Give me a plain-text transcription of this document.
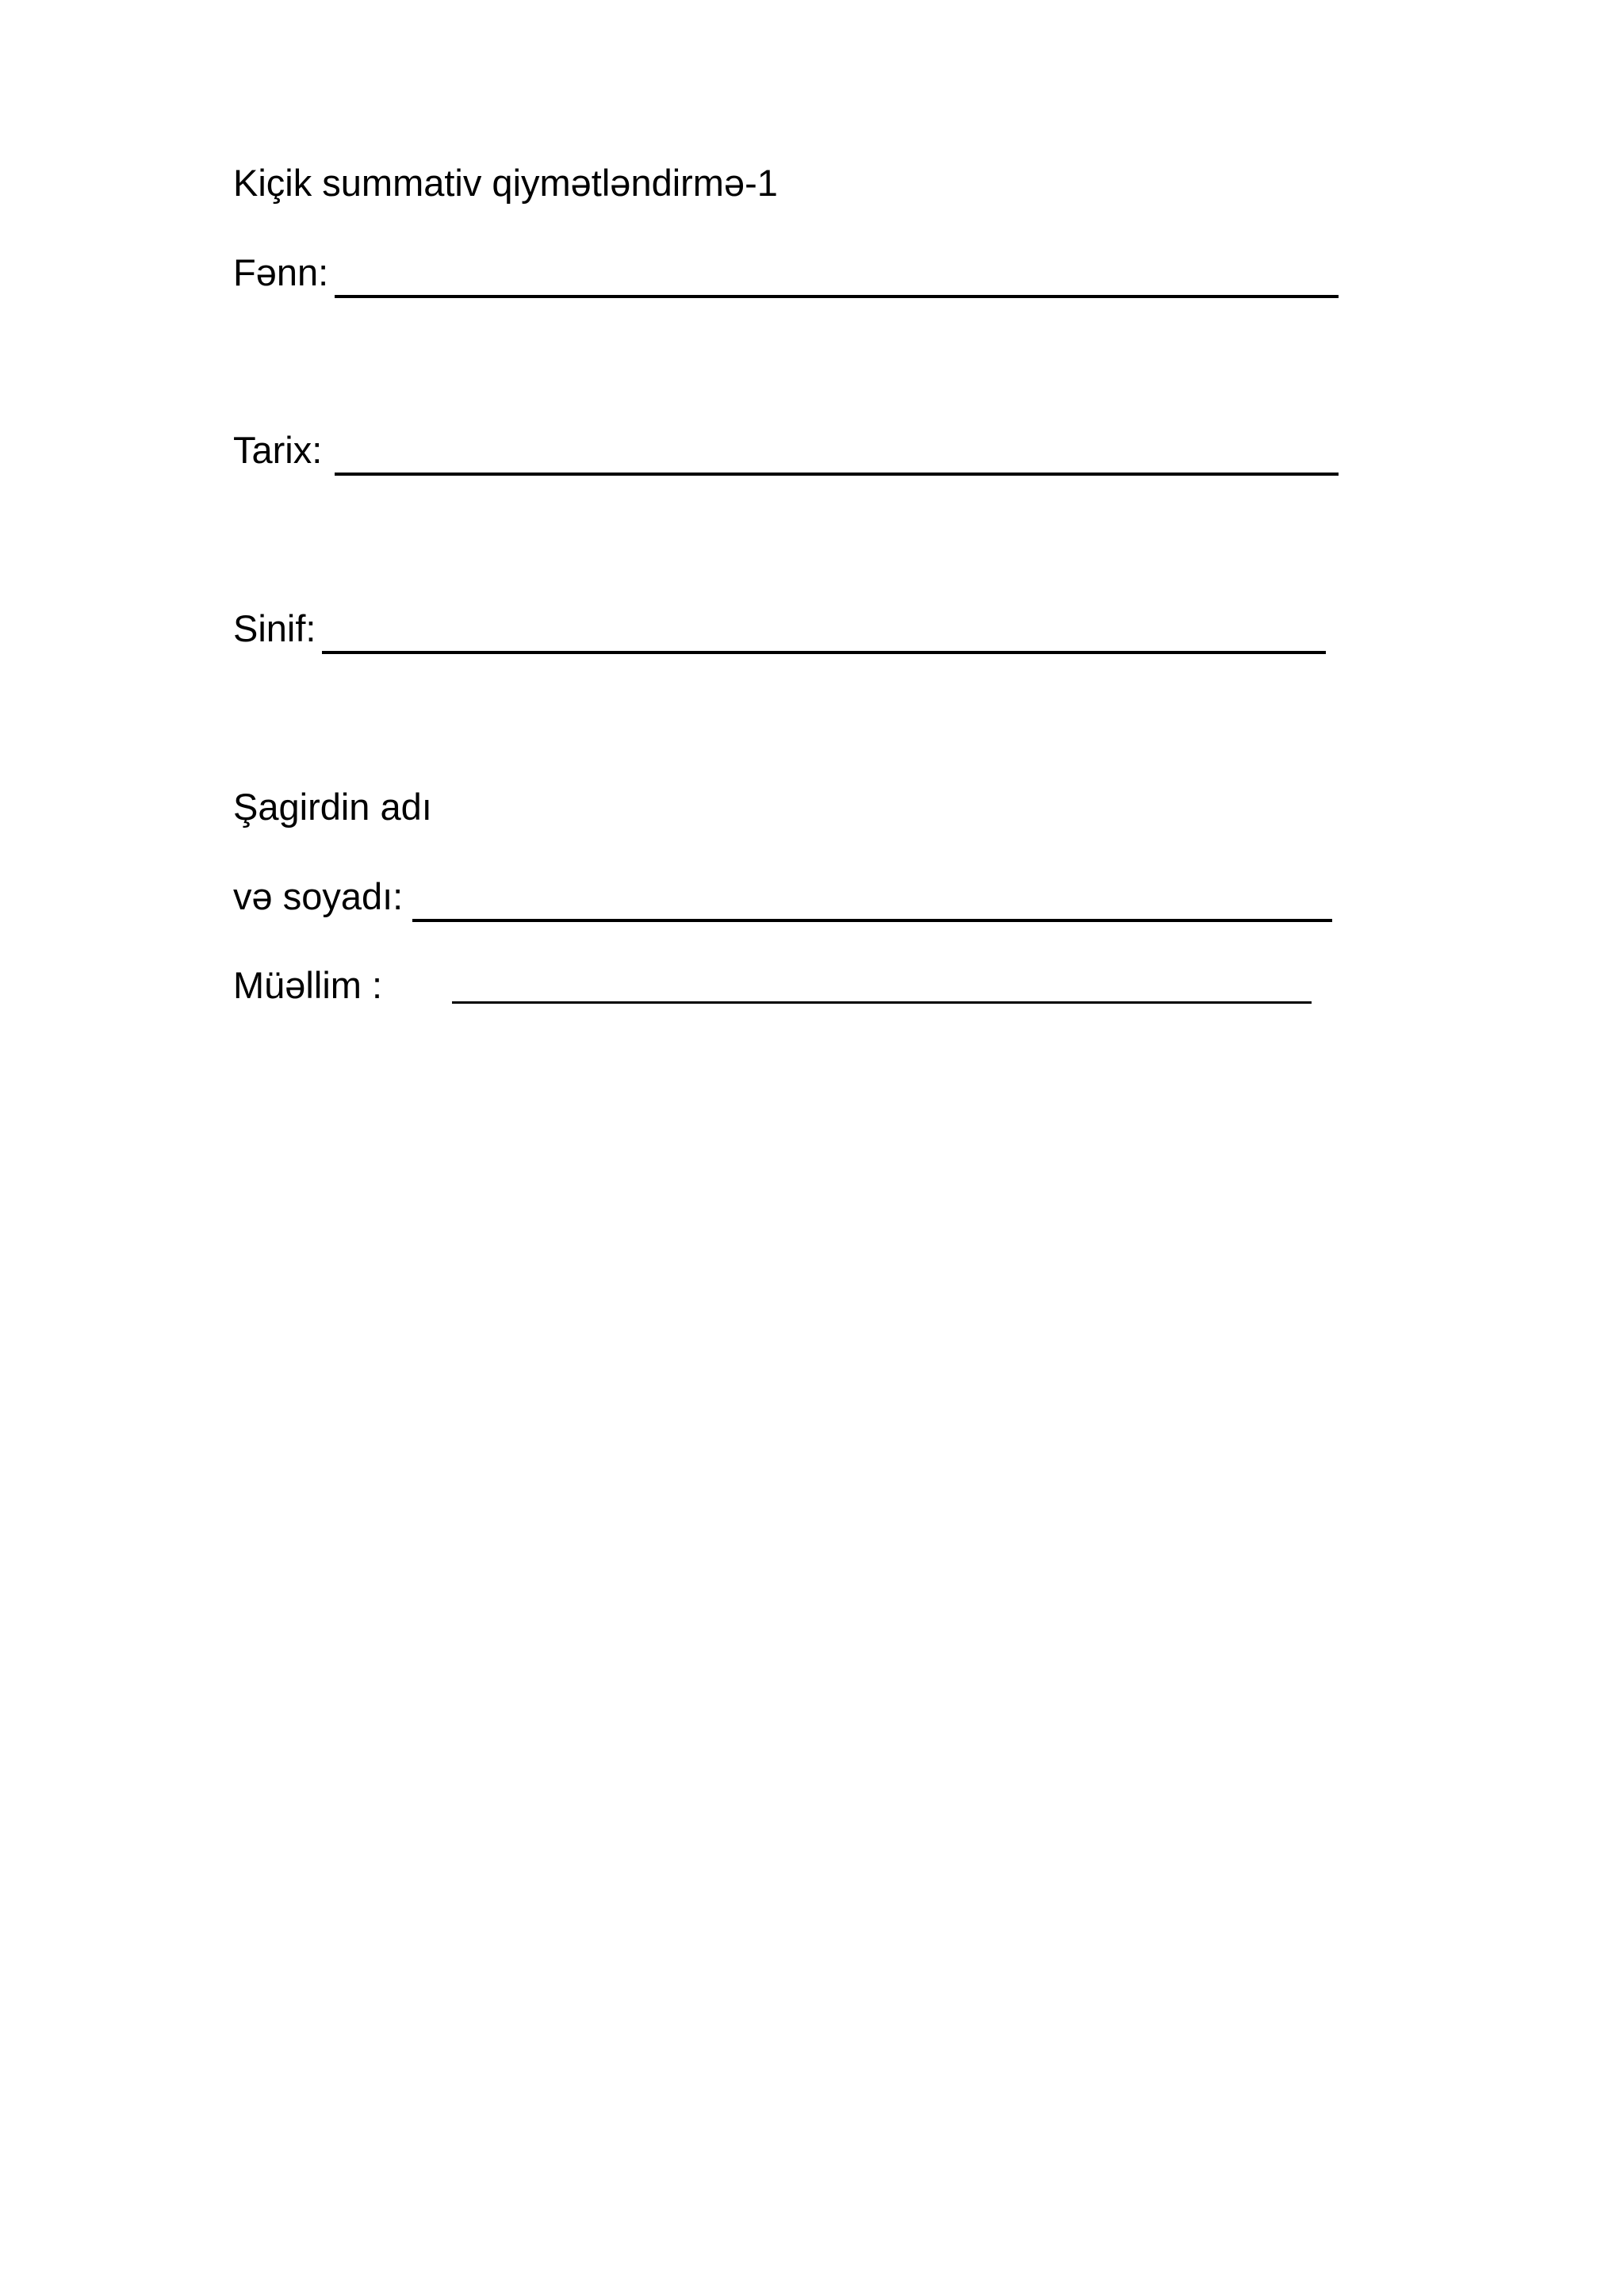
Kiçik summativ qiymətləndirmə-1
Fənn:
Tarix:
Sinif:
Şagirdin adı
və soyadı:
Müəllim :
